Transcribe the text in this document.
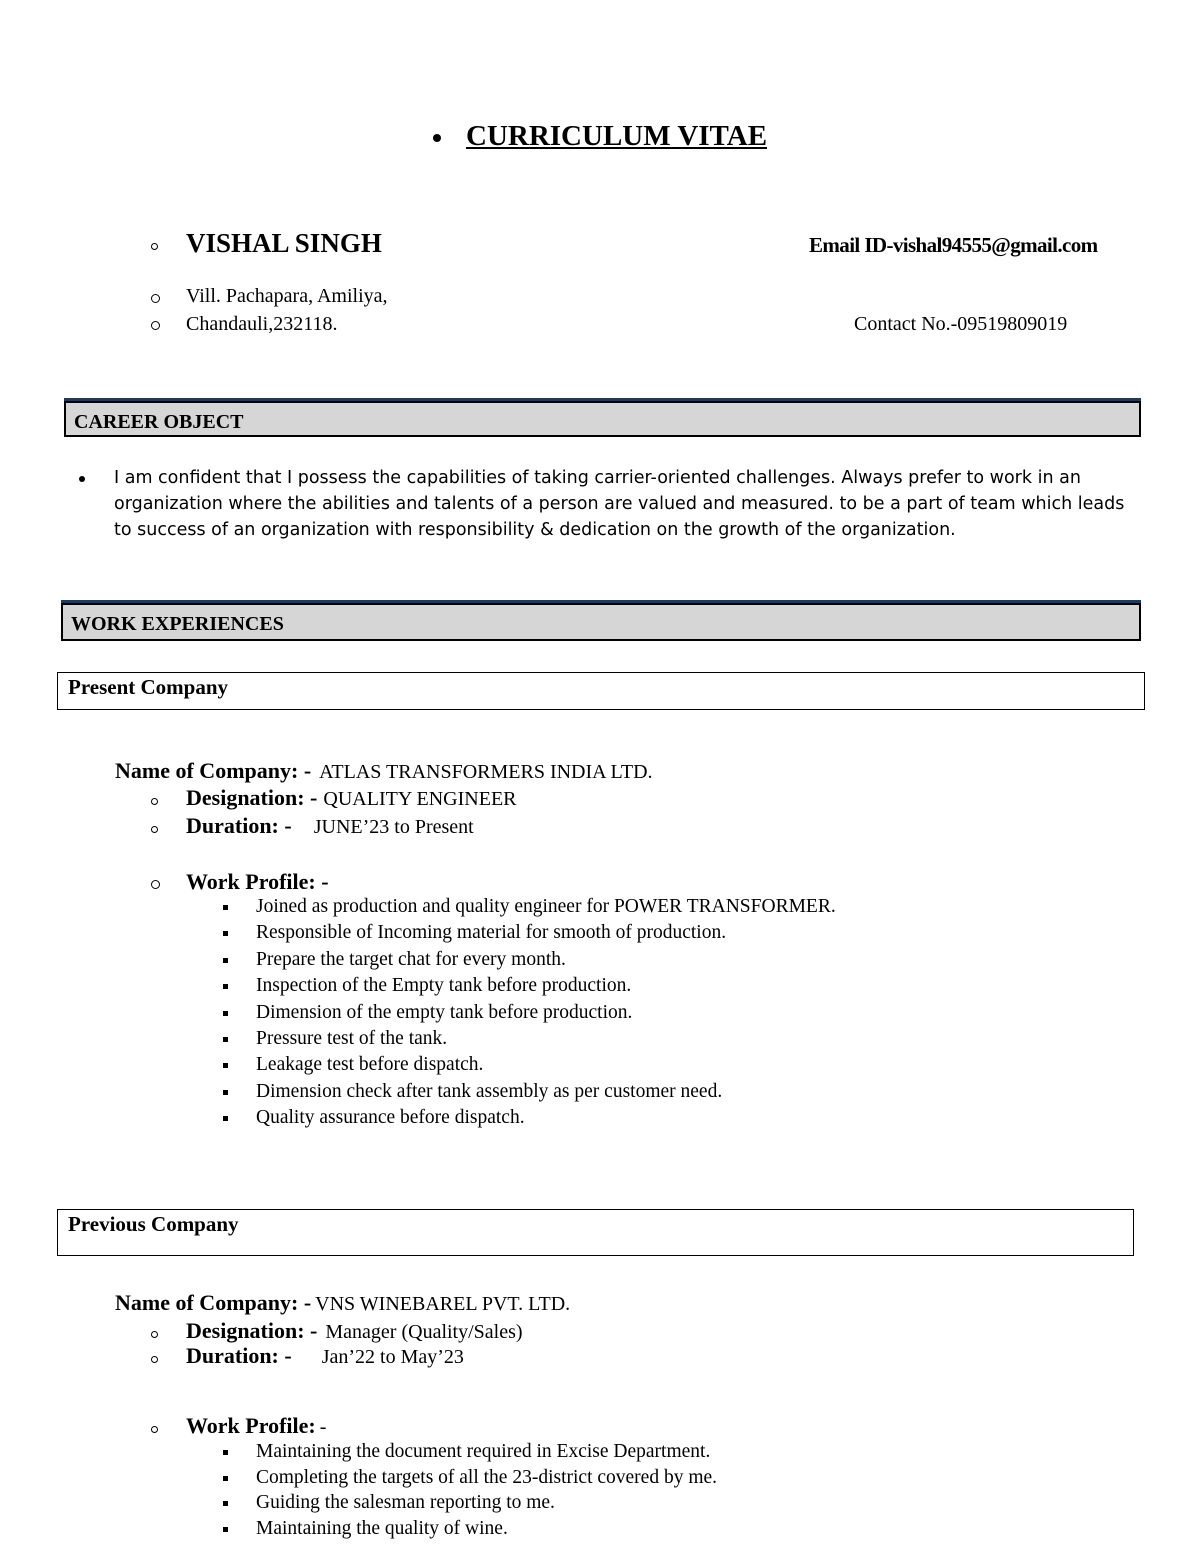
CURRICULUM VITAE
VISHAL SINGH	Email ID-vishal94555@gmail.com
Vill. Pachapara, Amiliya,
Chandauli,232118.	Contact No.-09519809019
CAREER OBJECT
I am confident that I possess the capabilities of taking carrier-oriented challenges. Always prefer to work in an
organization where the abilities and talents of a person are valued and measured. to be a part of team which leads
to success of an organization with responsibility & dedication on the growth of the organization.
WORK EXPERIENCES
Present Company
Name of Company: - ATLAS TRANSFORMERS INDIA LTD.
Designation: - QUALITY ENGINEER
Duration: - JUNE’23 to Present
Work Profile: -
Joined as production and quality engineer for POWER TRANSFORMER.
Responsible of Incoming material for smooth of production.
Prepare the target chat for every month.
Inspection of the Empty tank before production.
Dimension of the empty tank before production.
Pressure test of the tank.
Leakage test before dispatch.
Dimension check after tank assembly as per customer need.
Quality assurance before dispatch.
Previous Company
Name of Company: - VNS WINEBAREL PVT. LTD.
Designation: - Manager (Quality/Sales)
Duration: - Jan’22 to May’23
Work Profile: -
Maintaining the document required in Excise Department.
Completing the targets of all the 23-district covered by me.
Guiding the salesman reporting to me.
Maintaining the quality of wine.
